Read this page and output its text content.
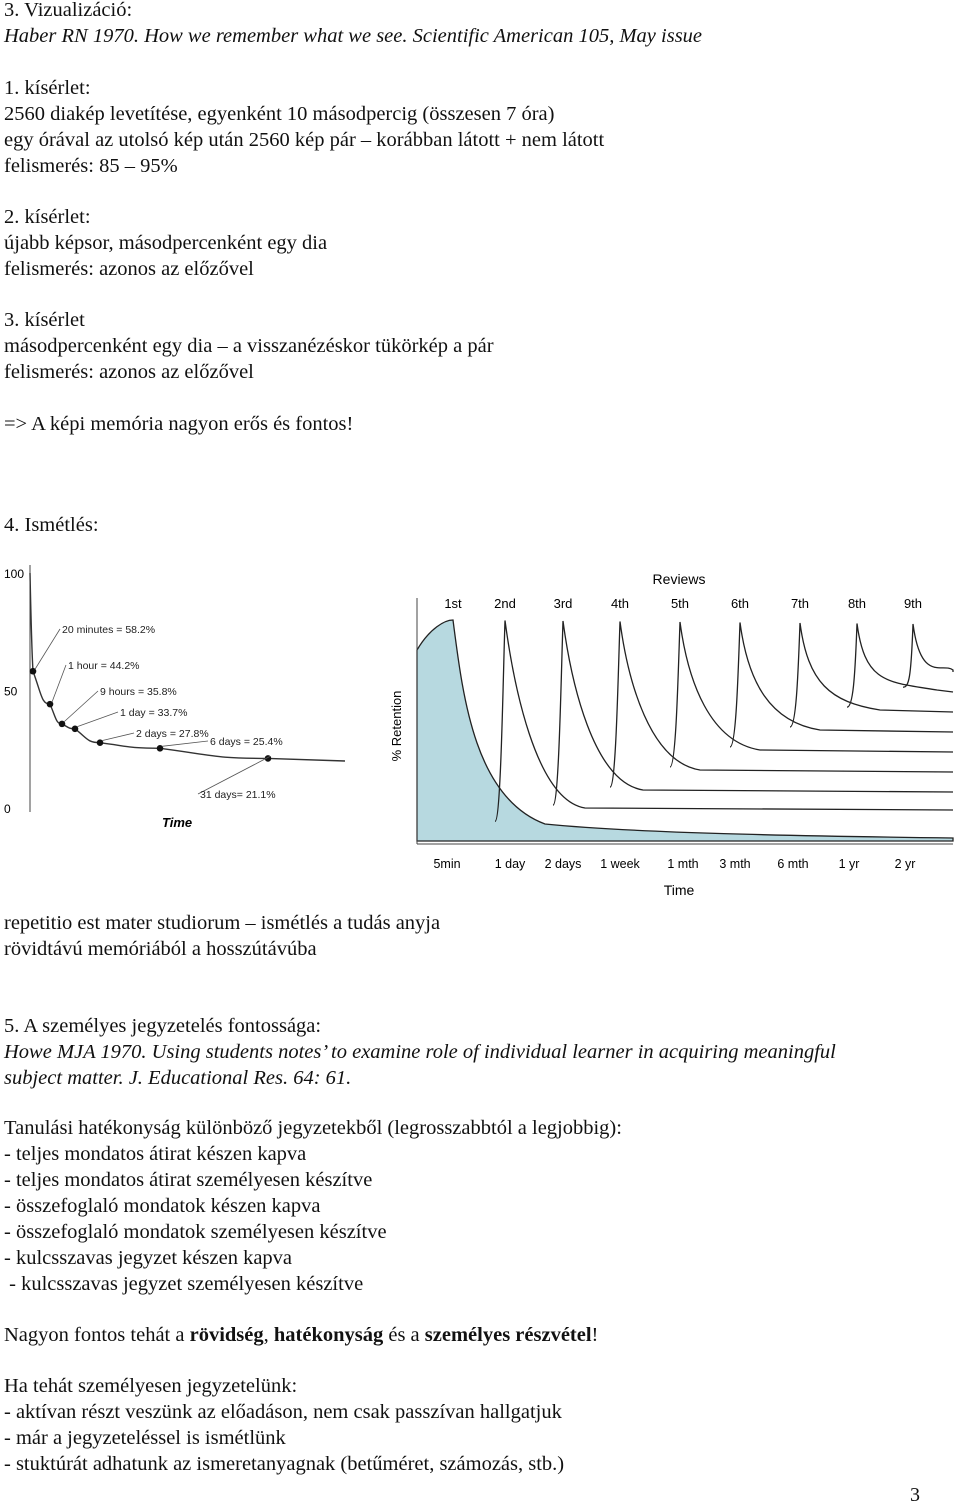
3. Vizualizáció:
Haber RN 1970. How we remember what we see. Scientific American 105, May issue
1. kísérlet:
2560 diakép levetítése, egyenként 10 másodpercig (összesen 7 óra)
egy órával az utolsó kép után 2560 kép pár – korábban látott + nem látott
felismerés: 85 – 95%
2. kísérlet:
újabb képsor, másodpercenként egy dia
felismerés: azonos az előzővel
3. kísérlet
másodpercenként egy dia – a visszanézéskor tükörkép a pár
felismerés: azonos az előzővel
=> A képi memória nagyon erős és fontos!
4. Ismétlés:
100
50
0
Time
20 minutes = 58.2%
1 hour = 44.2%
9 hours = 35.8%
1 day = 33.7%
2 days = 27.8%
6 days = 25.4%
31 days= 21.1%
Reviews
1st 2nd	3rd	4th	5th	6th	7th	8th	9th
% Retention
5min	1 day 2 days 1 week 1 mth 3 mth 6 mth 1 yr	2 yr
Time
repetitio est mater studiorum – ismétlés a tudás anyja
rövidtávú memóriából a hosszútávúba
5. A személyes jegyzetelés fontossága:
Howe MJA 1970. Using students notes’ to examine role of individual learner in acquiring meaningful
subject matter. J. Educational Res. 64: 61.
Tanulási hatékonyság különböző jegyzetekből (legrosszabbtól a legjobbig):
- teljes mondatos átirat készen kapva
- teljes mondatos átirat személyesen készítve
- összefoglaló mondatok készen kapva
- összefoglaló mondatok személyesen készítve
- kulcsszavas jegyzet készen kapva
- kulcsszavas jegyzet személyesen készítve
Nagyon fontos tehát a rövidség, hatékonyság és a személyes részvétel!
Ha tehát személyesen jegyzetelünk:
- aktívan részt veszünk az előadáson, nem csak passzívan hallgatjuk
- már a jegyzeteléssel is ismétlünk
- stuktúrát adhatunk az ismeretanyagnak (betűméret, számozás, stb.)
3
